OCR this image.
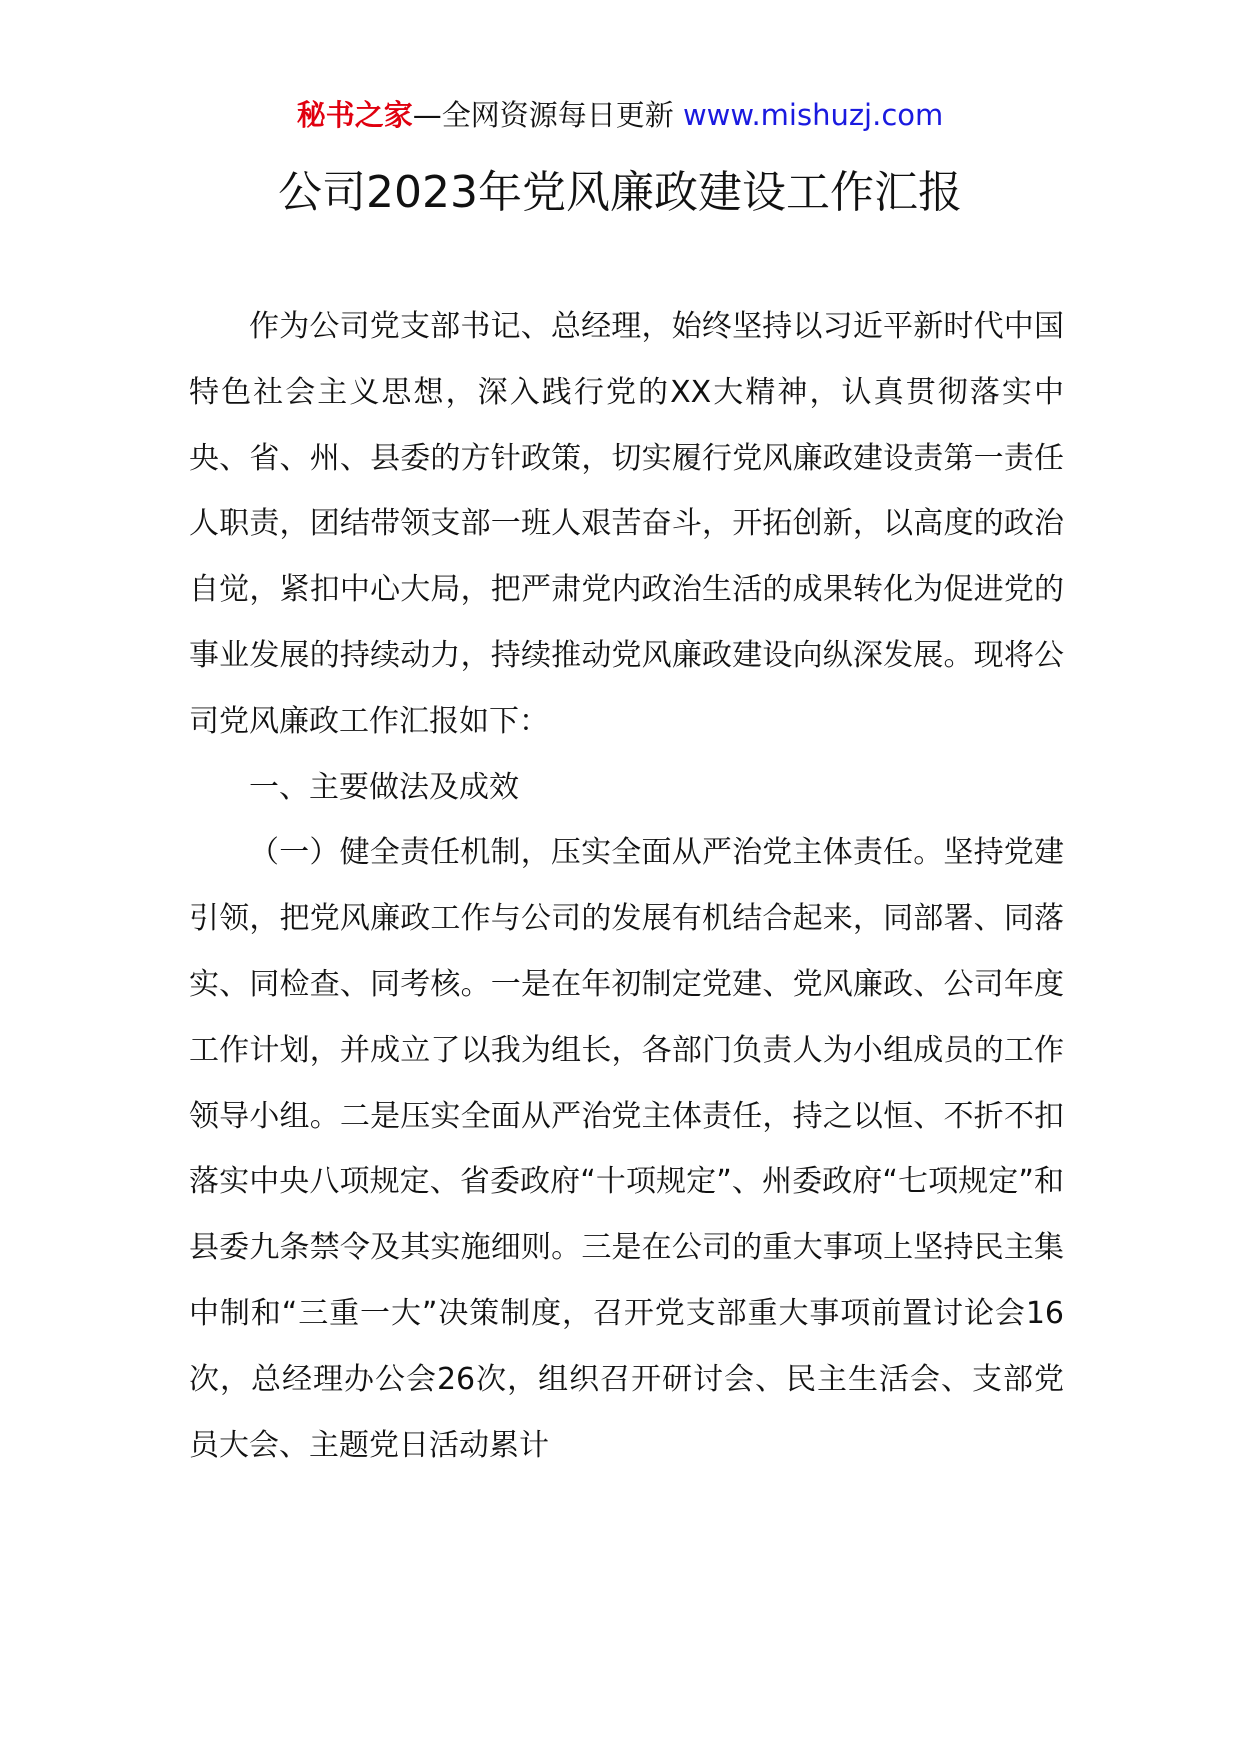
秘书之家—全网资源每日更新 www.mishuzj.com
公司2023年党风廉政建设工作汇报

作为公司党支部书记、总经理，始终坚持以习近平新时代中国特色社会主义思想，深入践行党的XX大精神，认真贯彻落实中央、省、州、县委的方针政策，切实履行党风廉政建设责第一责任人职责，团结带领支部一班人艰苦奋斗，开拓创新，以高度的政治自觉，紧扣中心大局，把严肃党内政治生活的成果转化为促进党的事业发展的持续动力，持续推动党风廉政建设向纵深发展。现将公司党风廉政工作汇报如下：

一、主要做法及成效

（一）健全责任机制，压实全面从严治党主体责任。坚持党建引领，把党风廉政工作与公司的发展有机结合起来，同部署、同落实、同检查、同考核。一是在年初制定党建、党风廉政、公司年度工作计划，并成立了以我为组长，各部门负责人为小组成员的工作领导小组。二是压实全面从严治党主体责任，持之以恒、不折不扣落实中央八项规定、省委政府“十项规定”、州委政府“七项规定”和县委九条禁令及其实施细则。三是在公司的重大事项上坚持民主集中制和“三重一大”决策制度，召开党支部重大事项前置讨论会16次，总经理办公会26次，组织召开研讨会、民主生活会、支部党员大会、主题党日活动累计
